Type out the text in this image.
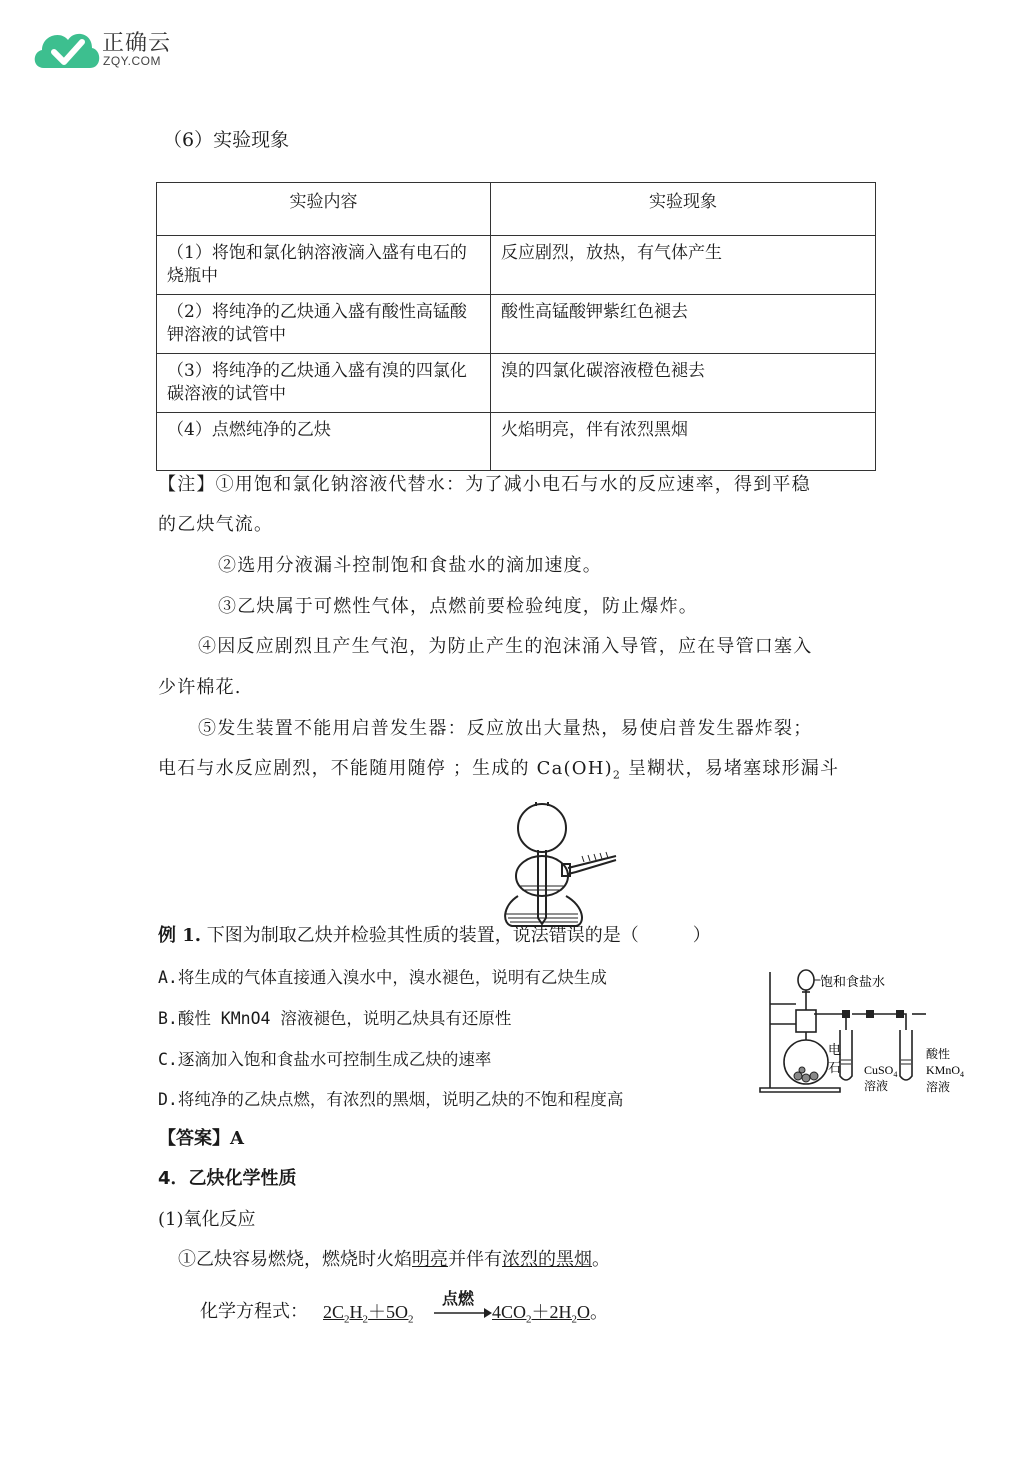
正确云
ZQY.COM
（6）实验现象
实验内容	实验现象
（1）将饱和氯化钠溶液滴入盛有电石的烧瓶中	反应剧烈，放热，有气体产生
（2）将纯净的乙炔通入盛有酸性高锰酸钾溶液的试管中	酸性高锰酸钾紫红色褪去
（3）将纯净的乙炔通入盛有溴的四氯化碳溶液的试管中	溴的四氯化碳溶液橙色褪去
（4）点燃纯净的乙炔	火焰明亮，伴有浓烈黑烟
【注】①用饱和氯化钠溶液代替水：为了减小电石与水的反应速率，得到平稳
的乙炔气流。
②选用分液漏斗控制饱和食盐水的滴加速度。
③乙炔属于可燃性气体，点燃前要检验纯度，防止爆炸。
④因反应剧烈且产生气泡，为防止产生的泡沫涌入导管，应在导管口塞入
少许棉花.
⑤发生装置不能用启普发生器：反应放出大量热，易使启普发生器炸裂；
电石与水反应剧烈，不能随用随停 ；生成的 $Ca(OH)_2$ 呈糊状，易堵塞球形漏斗
例 1. 下图为制取乙炔并检验其性质的装置，说法错误的是（　　　）
A.将生成的气体直接通入溴水中，溴水褪色，说明有乙炔生成
B.酸性 KMnO4 溶液褪色，说明乙炔具有还原性
C.逐滴加入饱和食盐水可控制生成乙炔的速率
D.将纯净的乙炔点燃，有浓烈的黑烟，说明乙炔的不饱和程度高
饱和食盐水
电
石 CuSO$_4$
溶液
酸性
KMnO$_4$
溶液
【答案】A
4．乙炔化学性质
(1)氧化反应
①乙炔容易燃烧，燃烧时火焰明亮并伴有浓烈的黑烟。
化学方程式： $2C_2H_2+5O_2$
点燃
$4CO_2+2H_2O$。
